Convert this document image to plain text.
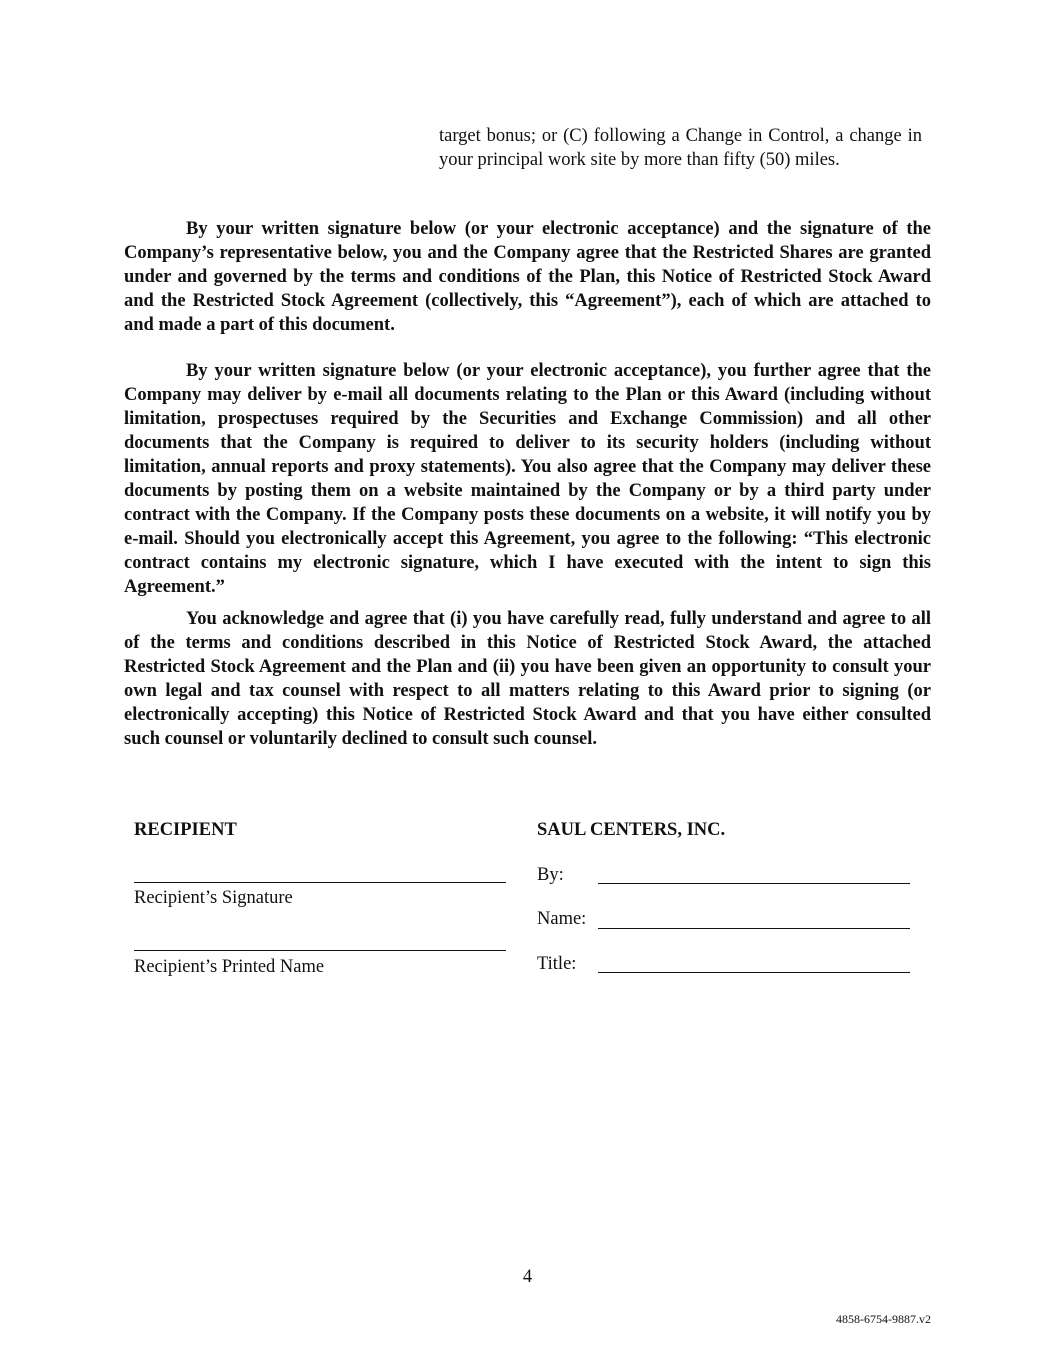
target bonus; or (C) following a Change in Control, a change in your principal work site by more than fifty (50) miles.

By your written signature below (or your electronic acceptance) and the signature of the Company’s representative below, you and the Company agree that the Restricted Shares are granted under and governed by the terms and conditions of the Plan, this Notice of Restricted Stock Award and the Restricted Stock Agreement (collectively, this “Agreement”), each of which are attached to and made a part of this document.

By your written signature below (or your electronic acceptance), you further agree that the Company may deliver by e-mail all documents relating to the Plan or this Award (including without limitation, prospectuses required by the Securities and Exchange Commission) and all other documents that the Company is required to deliver to its security holders (including without limitation, annual reports and proxy statements). You also agree that the Company may deliver these documents by posting them on a website maintained by the Company or by a third party under contract with the Company. If the Company posts these documents on a website, it will notify you by e-mail. Should you electronically accept this Agreement, you agree to the following: “This electronic contract contains my electronic signature, which I have executed with the intent to sign this Agreement.”

You acknowledge and agree that (i) you have carefully read, fully understand and agree to all of the terms and conditions described in this Notice of Restricted Stock Award, the attached Restricted Stock Agreement and the Plan and (ii) you have been given an opportunity to consult your own legal and tax counsel with respect to all matters relating to this Award prior to signing (or electronically accepting) this Notice of Restricted Stock Award and that you have either consulted such counsel or voluntarily declined to consult such counsel.

RECIPIENT	SAUL CENTERS, INC.
Recipient’s Signature
Recipient’s Printed Name
By:
Name:
Title:
4
4858-6754-9887.v2
